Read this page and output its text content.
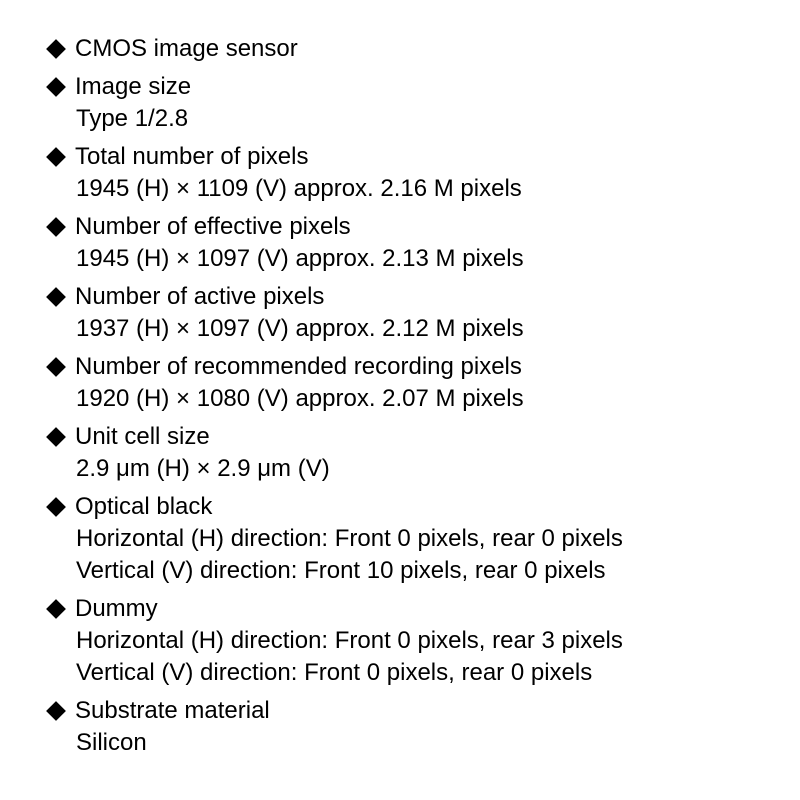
CMOS image sensor
Image size
Type 1/2.8
Total number of pixels
1945 (H) × 1109 (V) approx. 2.16 M pixels
Number of effective pixels
1945 (H) × 1097 (V) approx. 2.13 M pixels
Number of active pixels
1937 (H) × 1097 (V) approx. 2.12 M pixels
Number of recommended recording pixels
1920 (H) × 1080 (V) approx. 2.07 M pixels
Unit cell size
2.9 μm (H) × 2.9 μm (V)
Optical black
Horizontal (H) direction: Front 0 pixels, rear 0 pixels
Vertical (V) direction: Front 10 pixels, rear 0 pixels
Dummy
Horizontal (H) direction: Front 0 pixels, rear 3 pixels
Vertical (V) direction: Front 0 pixels, rear 0 pixels
Substrate material
Silicon
